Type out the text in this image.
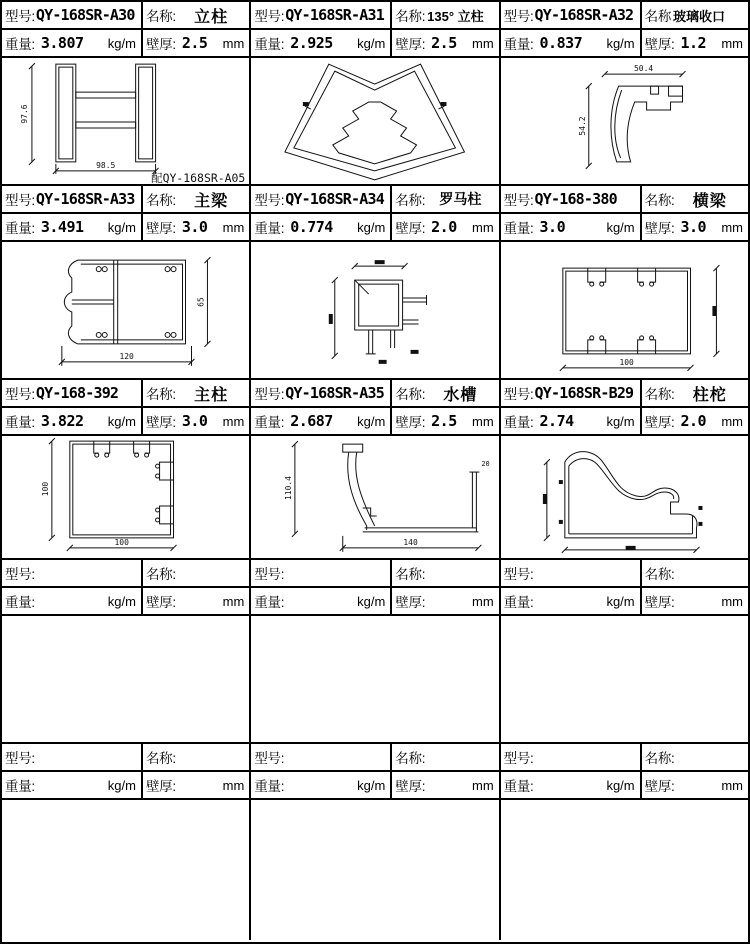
型号: QY-168SR-A30 名称: 立柱
重量: 3.807 kg/m 壁厚: 2.5 mm
97.6
98.5
配QY-168SR-A05
型号: QY-168SR-A31 名称: 135° 立柱
重量: 2.925 kg/m 壁厚: 2.5 mm
型号: QY-168SR-A32 名称 玻璃收口
重量: 0.837 kg/m 壁厚: 1.2 mm
50.4
54.2
型号: QY-168SR-A33 名称: 主梁
重量: 3.491 kg/m 壁厚: 3.0 mm
120
65
型号: QY-168SR-A34 名称: 罗马柱
重量: 0.774 kg/m 壁厚: 2.0 mm
型号: QY-168-380 名称: 横梁
重量: 3.0	kg/m 壁厚: 3.0 mm
100
型号: QY-168-392 名称: 主柱
重量: 3.822 kg/m 壁厚: 3.0 mm
100
100
型号: QY-168SR-A35 名称: 水槽
重量: 2.687 kg/m 壁厚: 2.5 mm
110.4
140
20
型号: QY-168SR-B29 名称: 柱柁
重量: 2.74	kg/m 壁厚: 2.0 mm
型号:	名称:
重量:	kg/m 壁厚:	mm
型号:	名称:
重量:	kg/m 壁厚:	mm
型号:	名称:
重量:	kg/m 壁厚:	mm
型号:	名称:
重量:	kg/m 壁厚:	mm
型号:	名称:
重量:	kg/m 壁厚:	mm
型号:	名称:
重量:	kg/m 壁厚:	mm
